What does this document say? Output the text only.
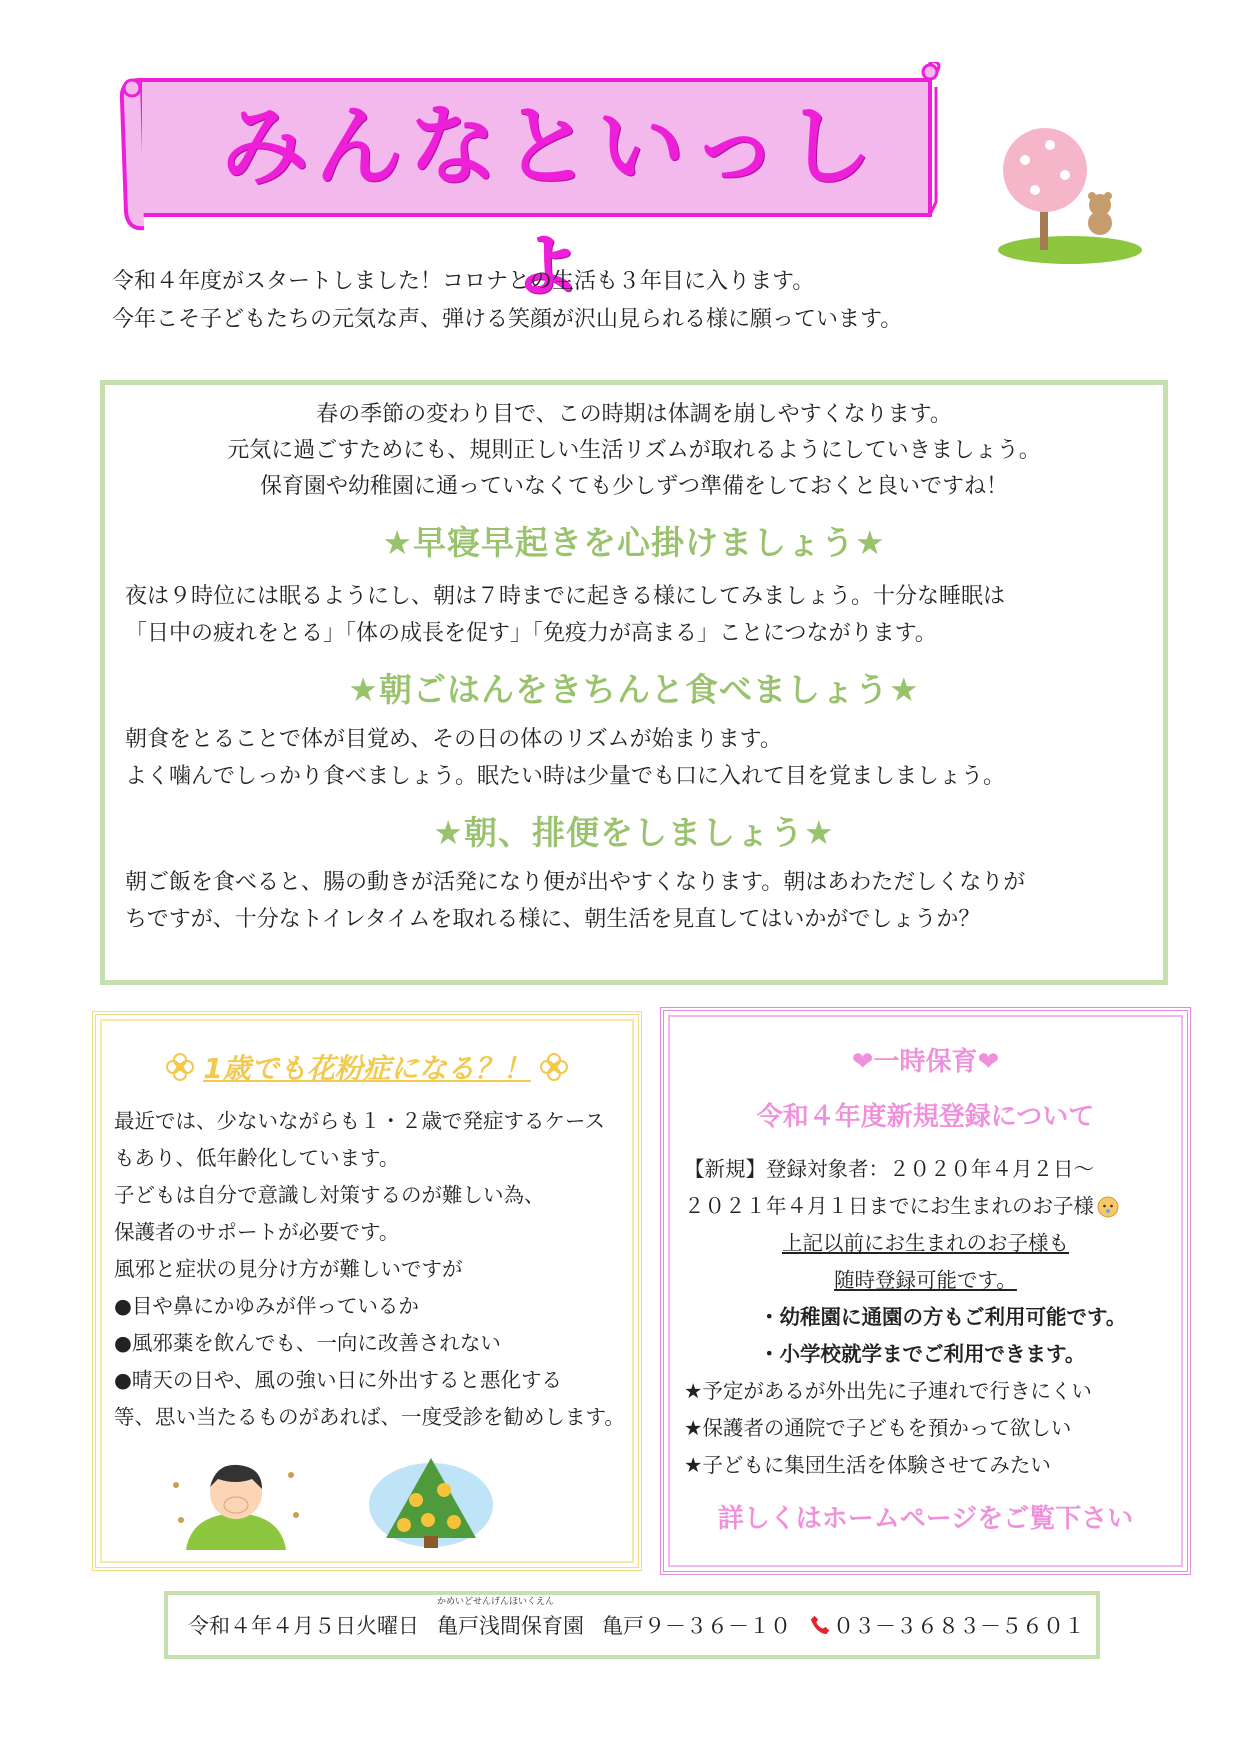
みんなといっしょ
令和４年度がスタートしました！コロナとの生活も３年目に入ります。
今年こそ子どもたちの元気な声、弾ける笑顔が沢山見られる様に願っています。
春の季節の変わり目で、この時期は体調を崩しやすくなります。
元気に過ごすためにも、規則正しい生活リズムが取れるようにしていきましょう。
保育園や幼稚園に通っていなくても少しずつ準備をしておくと良いですね！
★早寝早起きを心掛けましょう★
夜は９時位には眠るようにし、朝は７時までに起きる様にしてみましょう。十分な睡眠は
「日中の疲れをとる」「体の成長を促す」「免疫力が高まる」ことにつながります。
★朝ごはんをきちんと食べましょう★
朝食をとることで体が目覚め、その日の体のリズムが始まります。
よく噛んでしっかり食べましょう。眠たい時は少量でも口に入れて目を覚ましましょう。
★朝、排便をしましょう★
朝ご飯を食べると、腸の動きが活発になり便が出やすくなります。朝はあわただしくなりが
ちですが、十分なトイレタイムを取れる様に、朝生活を見直してはいかがでしょうか？
1歳でも花粉症になる？！
最近では、少ないながらも１・２歳で発症するケース
もあり、低年齢化しています。
子どもは自分で意識し対策するのが難しい為、
保護者のサポートが必要です。
風邪と症状の見分け方が難しいですが
●目や鼻にかゆみが伴っているか
●風邪薬を飲んでも、一向に改善されない
●晴天の日や、風の強い日に外出すると悪化する
等、思い当たるものがあれば、一度受診を勧めします。
❤一時保育❤
令和４年度新規登録について
【新規】登録対象者：２０２０年４月２日～
２０２１年４月１日までにお生まれのお子様
上記以前にお生まれのお子様も
随時登録可能です。
・幼稚園に通園の方もご利用可能です。
・小学校就学までご利用できます。
★予定があるが外出先に子連れで行きにくい
★保護者の通院で子どもを預かって欲しい
★子どもに集団生活を体験させてみたい
詳しくはホームページをご覧下さい
令和４年４月５日火曜日
かめいどせんげんほいくえん
亀戸浅間保育園 亀戸９－３６－１０ ０３－３６８３－５６０１
